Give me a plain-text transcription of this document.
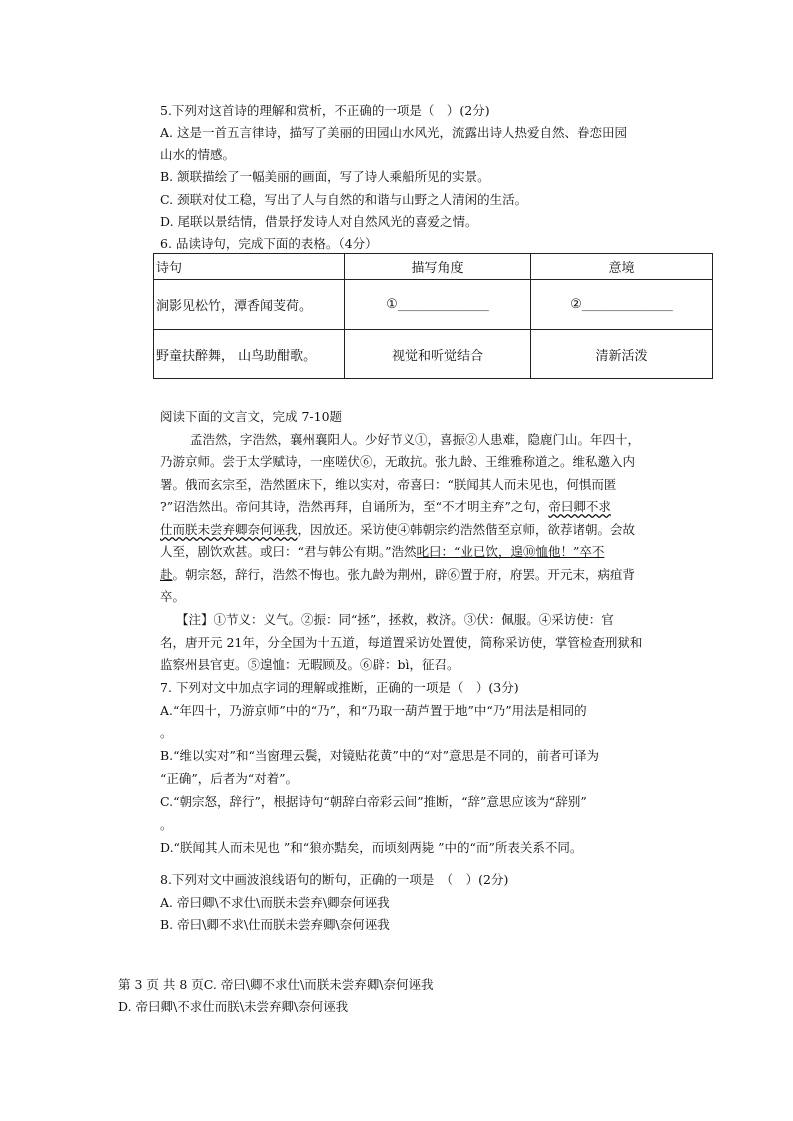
5.下列对这首诗的理解和赏析，不正确的一项是（　）(2分)
A. 这是一首五言律诗，描写了美丽的田园山水风光，流露出诗人热爱自然、眷恋田园
山水的情感。
B. 颔联描绘了一幅美丽的画面，写了诗人乘船所见的实景。
C. 颈联对仗工稳，写出了人与自然的和谐与山野之人清闲的生活。
D. 尾联以景结情，借景抒发诗人对自然风光的喜爱之情。
6. 品读诗句，完成下面的表格。（4分）
诗句	描写角度	意境
涧影见松竹，潭香闻芰荷。	①______________	②______________
野童扶醉舞， 山鸟助酣歌。	视觉和听觉结合	清新活泼
阅读下面的文言文，完成 7-10题
孟浩然，字浩然，襄州襄阳人。少好节义①，喜振②人患难，隐鹿门山。年四十，
乃游京师。尝于太学赋诗，一座嗟伏⑥，无敢抗。张九龄、王维雅称道之。维私邀入内
署。俄而玄宗至，浩然匿床下，维以实对，帝喜曰：“朕闻其人而未见也，何惧而匿
?”诏浩然出。帝问其诗，浩然再拜，自诵所为，至“不才明主弃”之句，帝曰卿不求
仕而朕未尝弃卿奈何诬我，因放还。采访使④韩朝宗约浩然偕至京师，欲荐诸朝。会故
人至，剧饮欢甚。或曰：“君与韩公有期。”浩然叱曰：“业已饮，遑⑩恤他！”卒不
赴。朝宗怒，辞行，浩然不悔也。张九龄为荆州，辟⑥置于府，府罢。开元末，病疽背
卒。
【注】①节义：义气。②振：同“拯”，拯救，救济。③伏：佩服。④采访使：官
名，唐开元 21年，分全国为十五道，每道置采访处置使，简称采访使，掌管检查刑狱和
监察州县官吏。⑤遑恤：无暇顾及。⑥辟：bì，征召。
7. 下列对文中加点字词的理解或推断，正确的一项是（　）(3分)
A.“年四十，乃游京师”中的“乃”，和“乃取一葫芦置于地”中“乃”用法是相同的
。
B.“维以实对”和“当窗理云鬓，对镜贴花黄”中的“对”意思是不同的，前者可译为
“正确”，后者为“对着”。
C.“朝宗怒，辞行”，根据诗句“朝辞白帝彩云间”推断，“辞”意思应该为“辞别”
。
D.“朕闻其人而未见也 ”和“狼亦黠矣，而顷刻两毙 ”中的“而”所表关系不同。
8.下列对文中画波浪线语句的断句，正确的一项是　（　）(2分)
A. 帝曰卿\不求仕\而朕未尝弃\卿奈何诬我
B. 帝曰\卿不求\仕而朕未尝弃卿\奈何诬我
第 3 页 共 8 页C. 帝曰\卿不求仕\而朕未尝弃卿\奈何诬我
D. 帝曰卿\不求仕而朕\未尝弃卿\奈何诬我
